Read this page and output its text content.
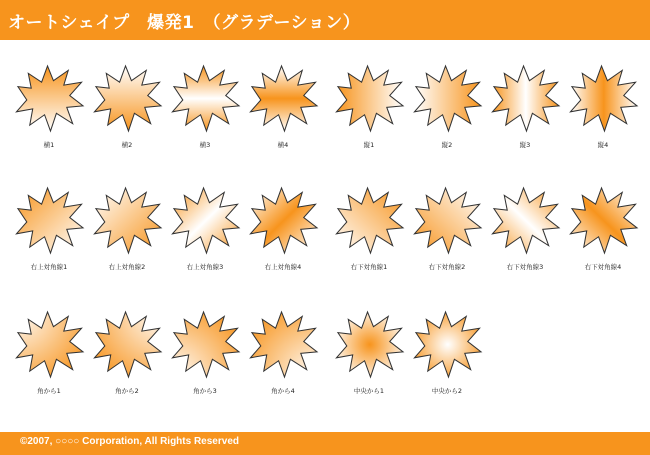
オートシェイプ　爆発1　（グラデーション）
横1	横2	横3	横4	縦1	縦2	縦3	縦4
右上対角線1	右上対角線2	右上対角線3	右上対角線4	右下対角線1	右下対角線2	右下対角線3	右下対角線4
角から1	角から2	角から3	角から4	中央から1	中央から2
©2007, ○○○○ Corporation, All Rights Reserved
